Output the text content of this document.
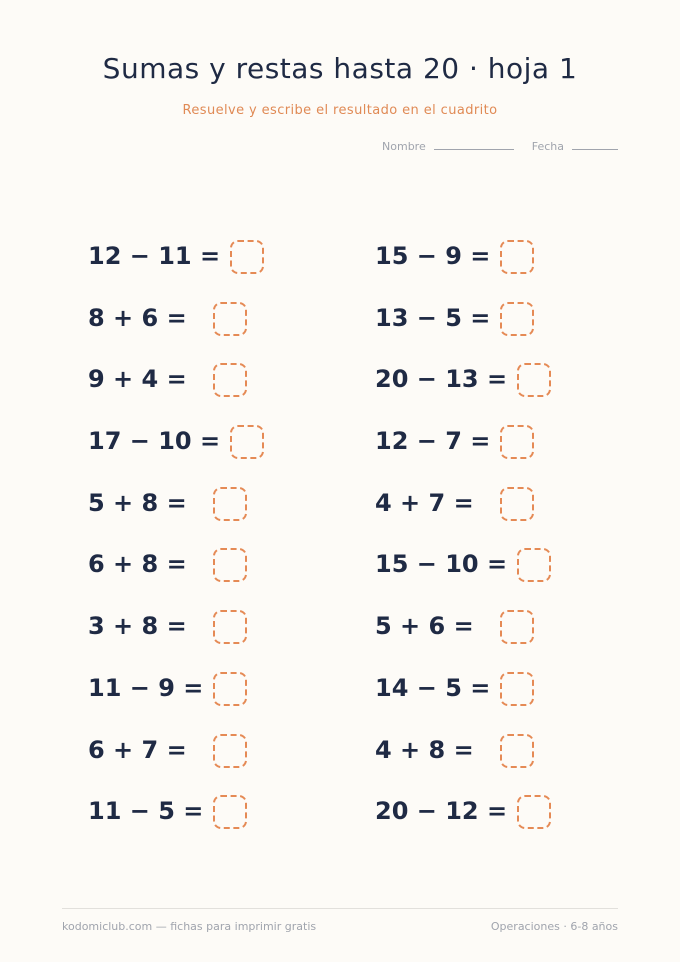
Sumas y restas hasta 20 · hoja 1
Resuelve y escribe el resultado en el cuadrito
Nombre	Fecha
12 − 11 =
8 + 6 =
9 + 4 =
17 − 10 =
5 + 8 =
6 + 8 =
3 + 8 =
11 − 9 =
6 + 7 =
11 − 5 =
15 − 9 =
13 − 5 =
20 − 13 =
12 − 7 =
4 + 7 =
15 − 10 =
5 + 6 =
14 − 5 =
4 + 8 =
20 − 12 =
kodomiclub.com — fichas para imprimir gratis	Operaciones · 6-8 años
